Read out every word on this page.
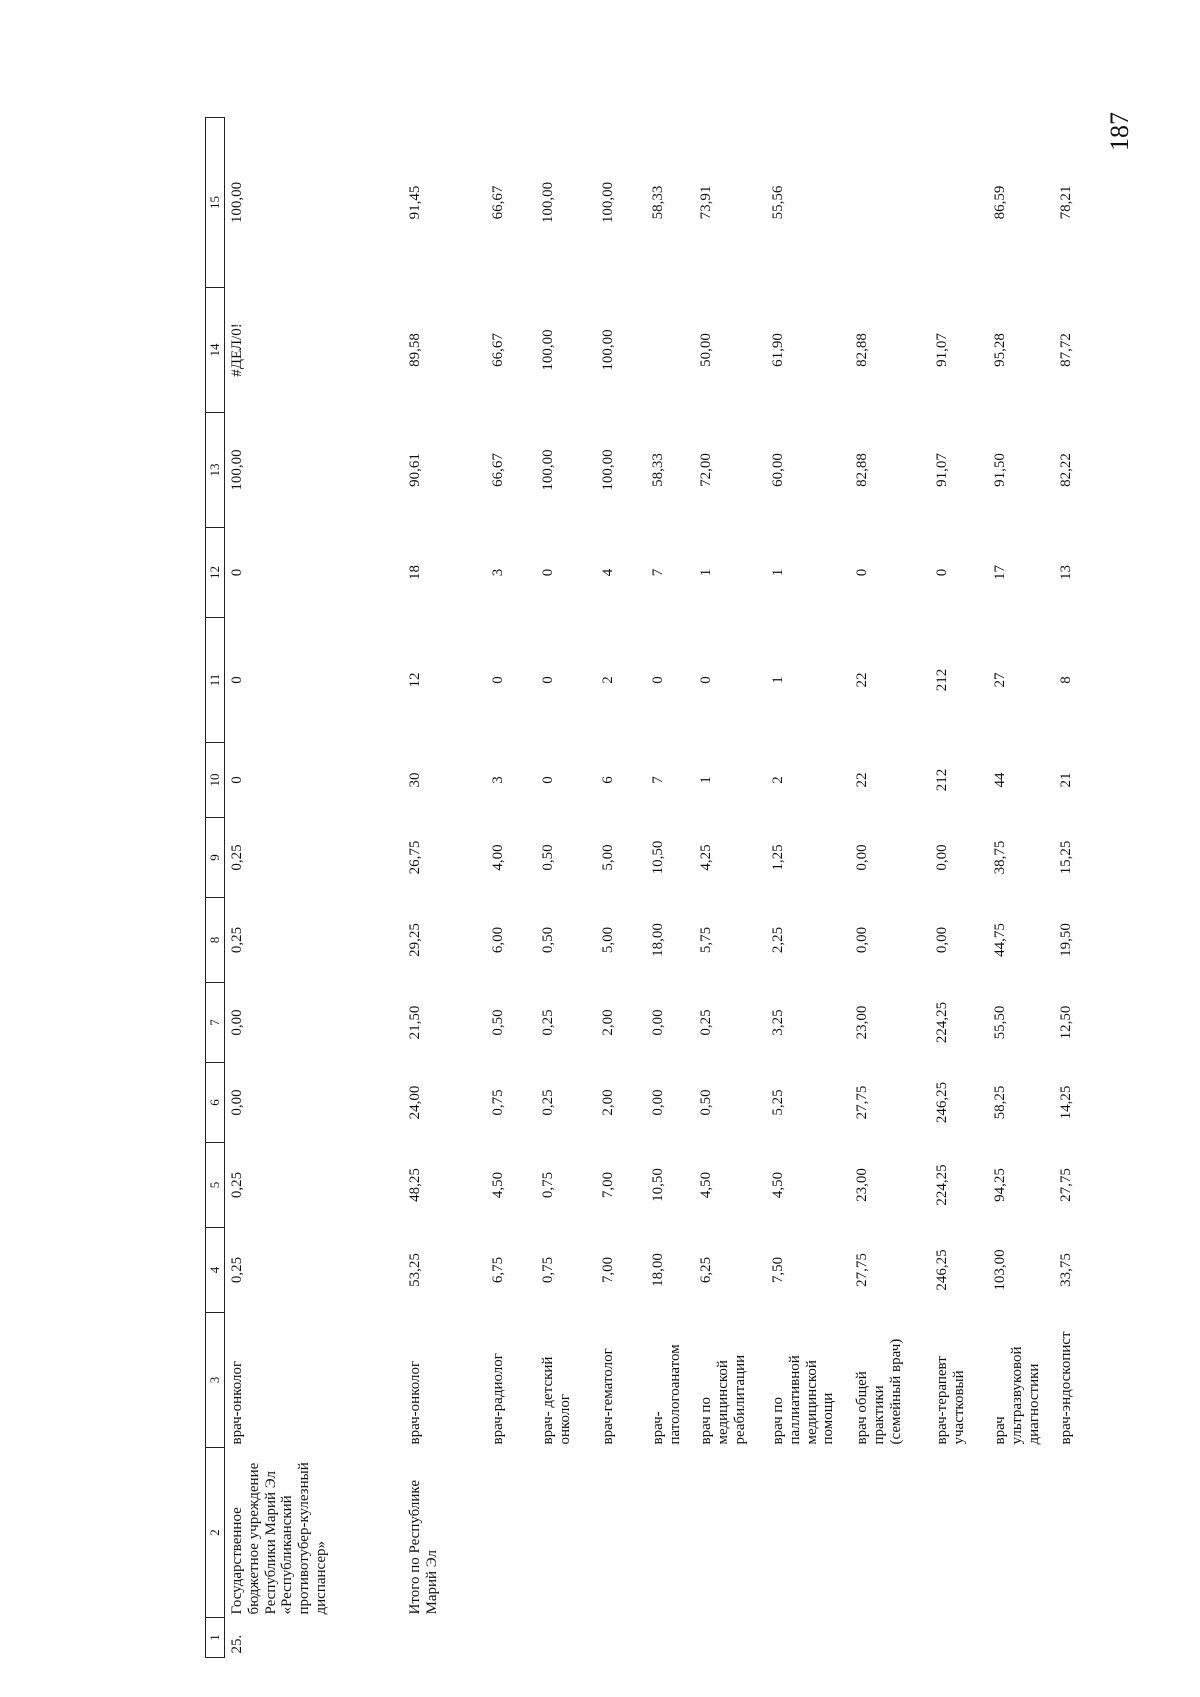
187
1	2	3	4	5	6	7	8	9	10	11	12	13	14	15
25.	Государственное бюджетное учреждение Республики Марий Эл «Республиканский противотубер-кулезный диспансер»	врач-онколог	0,25	0,25	0,00	0,00	0,25	0,25	0	0	0	100,00	#ДЕЛ/0!	100,00
	Итого по Республике Марий Эл	врач-онколог	53,25	48,25	24,00	21,50	29,25	26,75	30	12	18	90,61	89,58	91,45
		врач-радиолог	6,75	4,50	0,75	0,50	6,00	4,00	3	0	3	66,67	66,67	66,67
		врач- детский онколог	0,75	0,75	0,25	0,25	0,50	0,50	0	0	0	100,00	100,00	100,00
		врач-гематолог	7,00	7,00	2,00	2,00	5,00	5,00	6	2	4	100,00	100,00	100,00
		врач-патологоанатом	18,00	10,50	0,00	0,00	18,00	10,50	7	0	7	58,33		58,33
		врач по медицинской реабилитации	6,25	4,50	0,50	0,25	5,75	4,25	1	0	1	72,00	50,00	73,91
		врач по паллиативной медицинской помощи	7,50	4,50	5,25	3,25	2,25	1,25	2	1	1	60,00	61,90	55,56
		врач общей практики (семейный врач)	27,75	23,00	27,75	23,00	0,00	0,00	22	22	0	82,88	82,88	
		врач-терапевт участковый	246,25	224,25	246,25	224,25	0,00	0,00	212	212	0	91,07	91,07	
		врач ультразвуковой диагностики	103,00	94,25	58,25	55,50	44,75	38,75	44	27	17	91,50	95,28	86,59
		врач-эндоскопист	33,75	27,75	14,25	12,50	19,50	15,25	21	8	13	82,22	87,72	78,21
